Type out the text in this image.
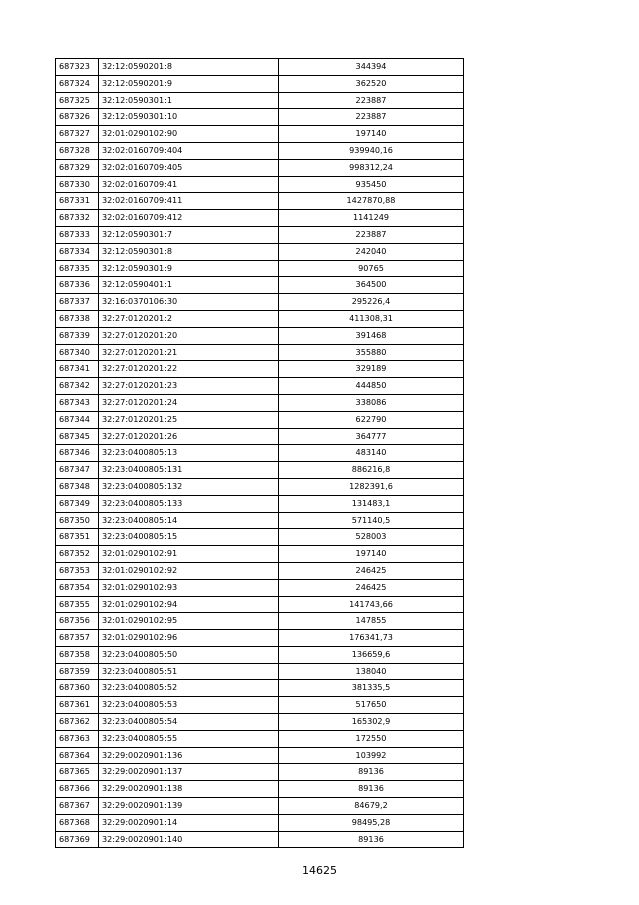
687323	32:12:0590201:8	344394
687324	32:12:0590201:9	362520
687325	32:12:0590301:1	223887
687326	32:12:0590301:10	223887
687327	32:01:0290102:90	197140
687328	32:02:0160709:404	939940,16
687329	32:02:0160709:405	998312,24
687330	32:02:0160709:41	935450
687331	32:02:0160709:411	1427870,88
687332	32:02:0160709:412	1141249
687333	32:12:0590301:7	223887
687334	32:12:0590301:8	242040
687335	32:12:0590301:9	90765
687336	32:12:0590401:1	364500
687337	32:16:0370106:30	295226,4
687338	32:27:0120201:2	411308,31
687339	32:27:0120201:20	391468
687340	32:27:0120201:21	355880
687341	32:27:0120201:22	329189
687342	32:27:0120201:23	444850
687343	32:27:0120201:24	338086
687344	32:27:0120201:25	622790
687345	32:27:0120201:26	364777
687346	32:23:0400805:13	483140
687347	32:23:0400805:131	886216,8
687348	32:23:0400805:132	1282391,6
687349	32:23:0400805:133	131483,1
687350	32:23:0400805:14	571140,5
687351	32:23:0400805:15	528003
687352	32:01:0290102:91	197140
687353	32:01:0290102:92	246425
687354	32:01:0290102:93	246425
687355	32:01:0290102:94	141743,66
687356	32:01:0290102:95	147855
687357	32:01:0290102:96	176341,73
687358	32:23:0400805:50	136659,6
687359	32:23:0400805:51	138040
687360	32:23:0400805:52	381335,5
687361	32:23:0400805:53	517650
687362	32:23:0400805:54	165302,9
687363	32:23:0400805:55	172550
687364	32:29:0020901:136	103992
687365	32:29:0020901:137	89136
687366	32:29:0020901:138	89136
687367	32:29:0020901:139	84679,2
687368	32:29:0020901:14	98495,28
687369	32:29:0020901:140	89136
14625
